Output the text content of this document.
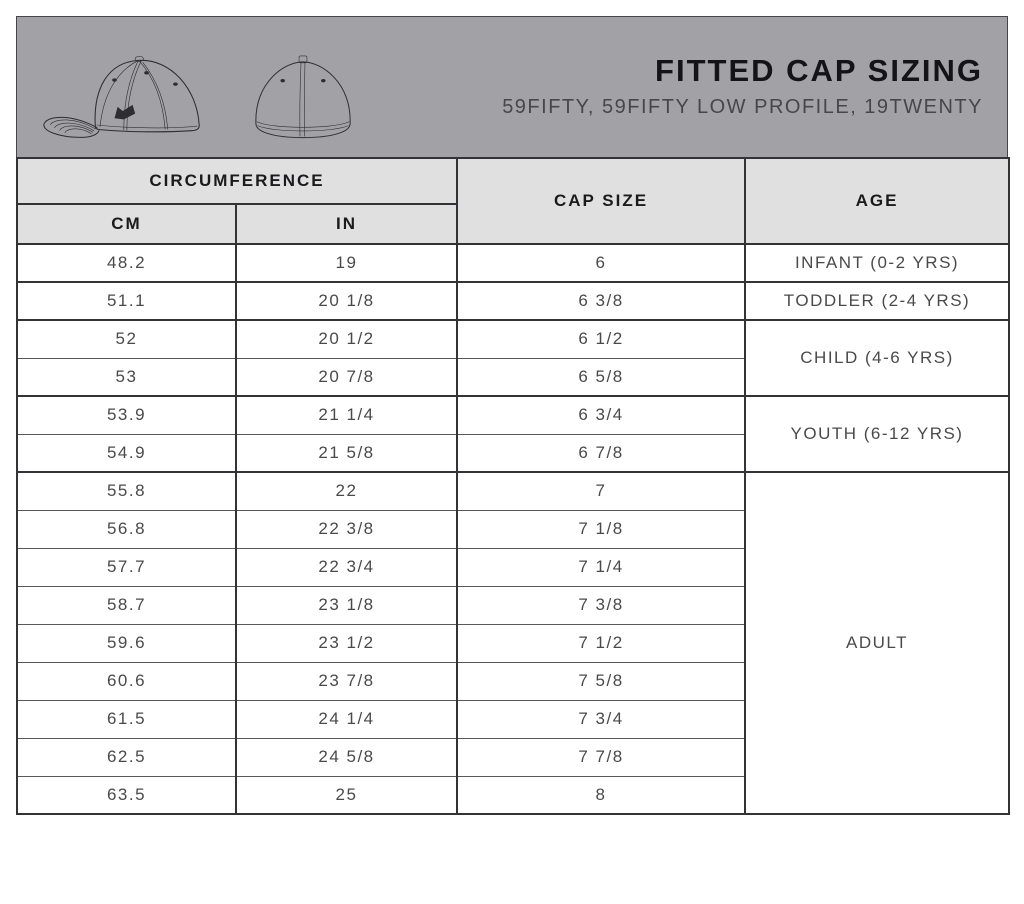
FITTED CAP SIZING
59FIFTY, 59FIFTY LOW PROFILE, 19TWENTY
CIRCUMFERENCE		CAP SIZE	AGE
CM	IN		
48.2	19	6	INFANT (0-2 YRS)
51.1	20 1/8	6 3/8	TODDLER (2-4 YRS)
52	20 1/2	6 1/2	CHILD (4-6 YRS)
53	20 7/8	6 5/8	
53.9	21 1/4	6 3/4	YOUTH (6-12 YRS)
54.9	21 5/8	6 7/8	
55.8	22	7	ADULT
56.8	22 3/8	7 1/8	
57.7	22 3/4	7 1/4	
58.7	23 1/8	7 3/8	
59.6	23 1/2	7 1/2	
60.6	23 7/8	7 5/8	
61.5	24 1/4	7 3/4	
62.5	24 5/8	7 7/8	
63.5	25	8	
